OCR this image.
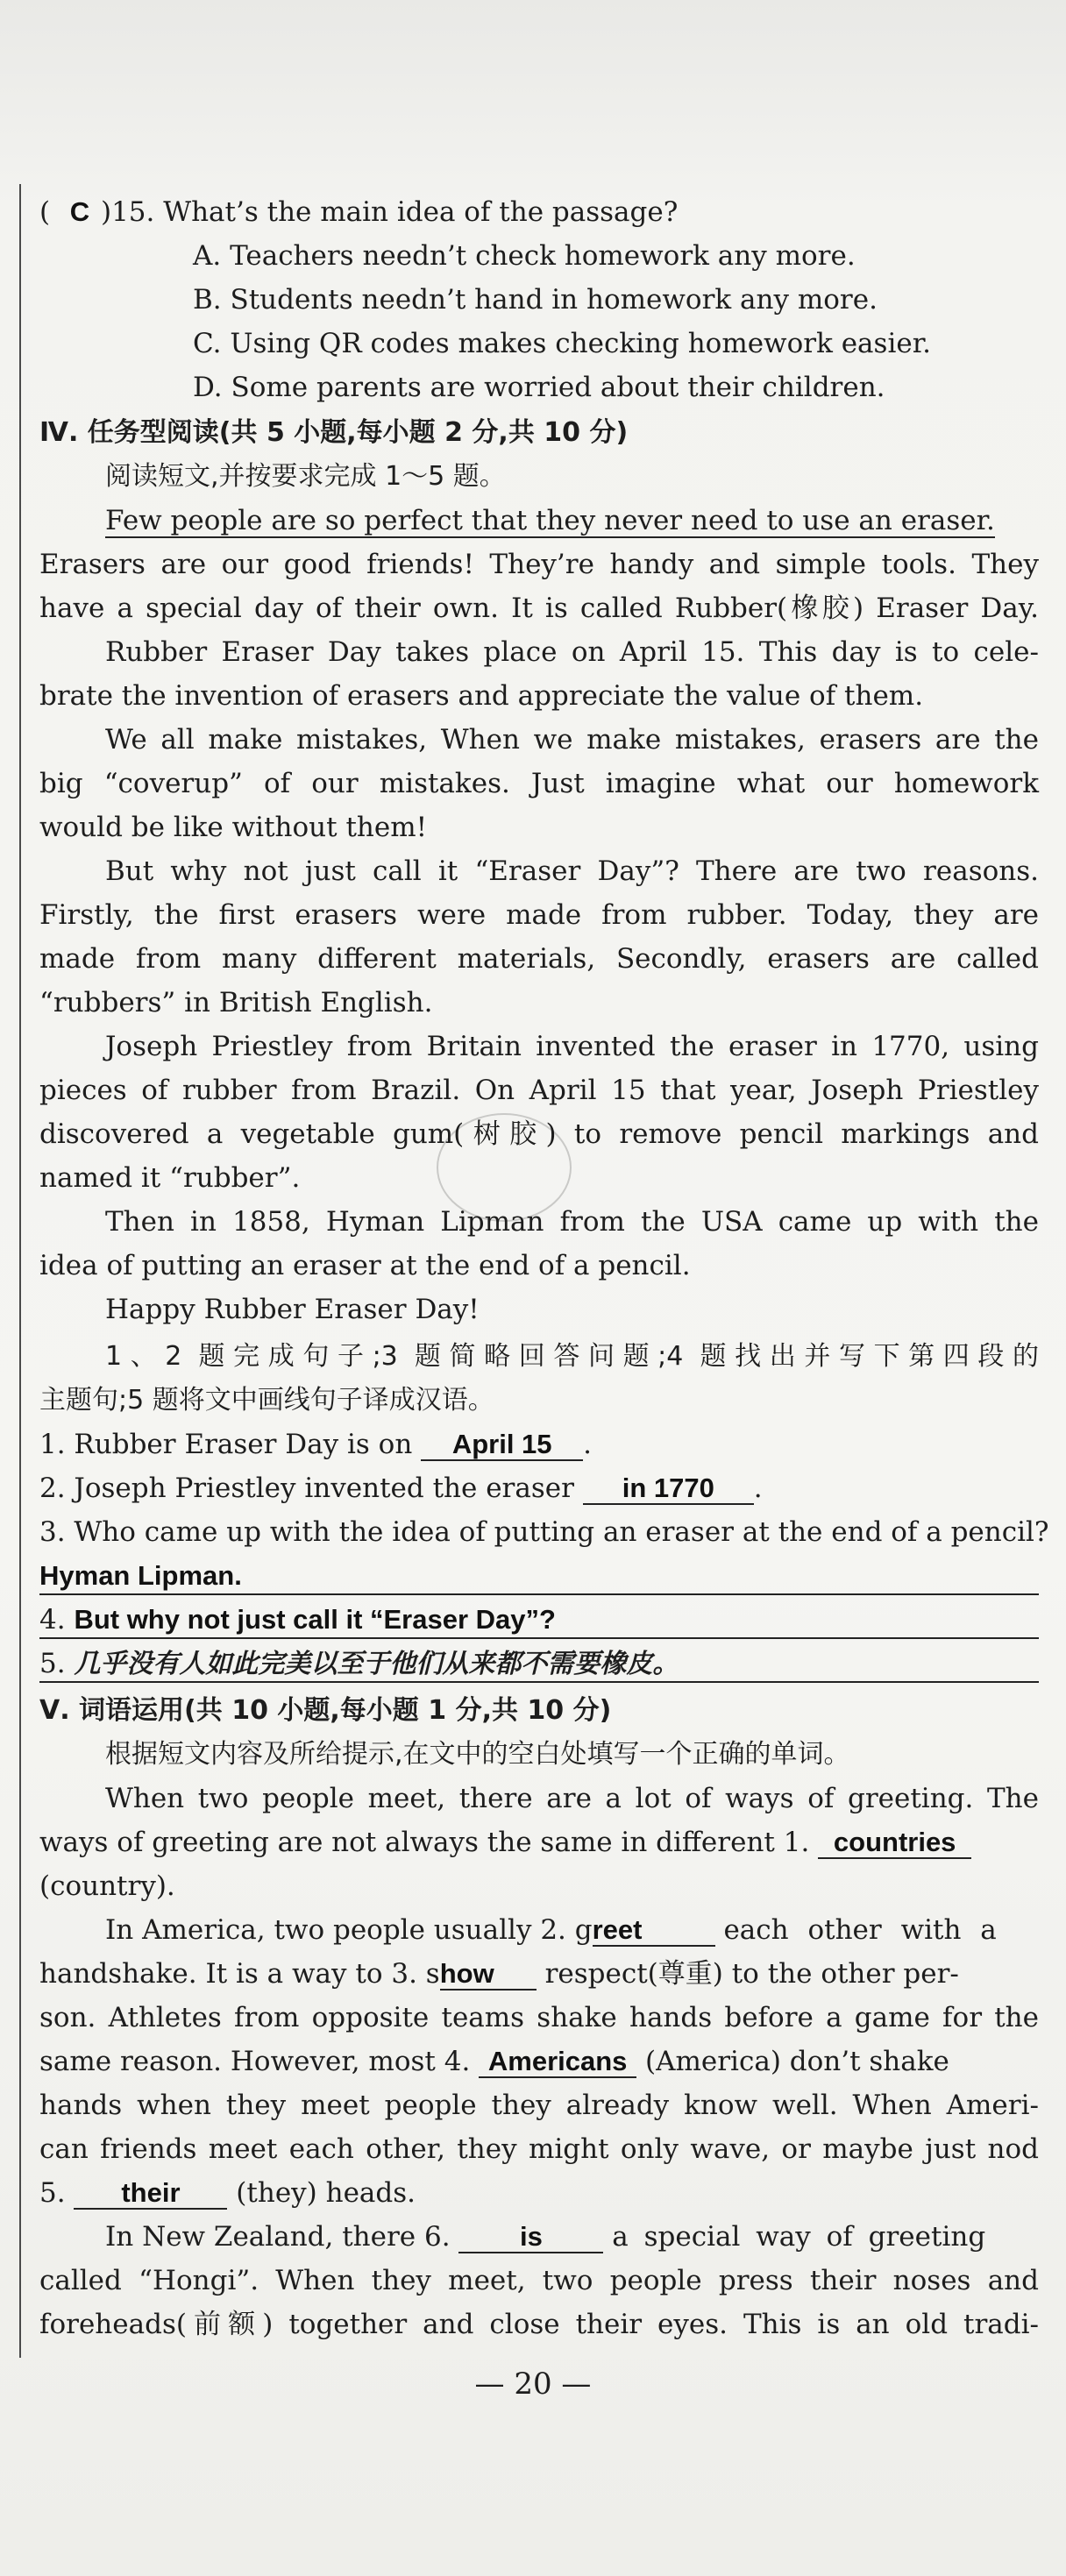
( C )15. What’s the main idea of the passage?
A. Teachers needn’t check homework any more.
B. Students needn’t hand in homework any more.
C. Using QR codes makes checking homework easier.
D. Some parents are worried about their children.
Ⅳ. 任务型阅读(共 5 小题,每小题 2 分,共 10 分)
阅读短文,并按要求完成 1～5 题。
Few people are so perfect that they never need to use an eraser.
Erasers are our good friends! They’re handy and simple tools. They
have a special day of their own. It is called Rubber(橡胶) Eraser Day.
Rubber Eraser Day takes place on April 15. This day is to cele-
brate the invention of erasers and appreciate the value of them.
We all make mistakes, When we make mistakes, erasers are the
big “coverup” of our mistakes. Just imagine what our homework
would be like without them!
But why not just call it “Eraser Day”? There are two reasons.
Firstly, the first erasers were made from rubber. Today, they are
made from many different materials, Secondly, erasers are called
“rubbers” in British English.
Joseph Priestley from Britain invented the eraser in 1770, using
pieces of rubber from Brazil. On April 15 that year, Joseph Priestley
discovered a vegetable gum(树胶) to remove pencil markings and
named it “rubber”.
Then in 1858, Hyman Lipman from the USA came up with the
idea of putting an eraser at the end of a pencil.
Happy Rubber Eraser Day!
1、2 题完成句子;3 题简略回答问题;4 题找出并写下第四段的
主题句;5 题将文中画线句子译成汉语。
1. Rubber Eraser Day is on April 15 .
2. Joseph Priestley invented the eraser in 1770 .
3. Who came up with the idea of putting an eraser at the end of a pencil?
Hyman Lipman.
4. But why not just call it “Eraser Day”?
5. 几乎没有人如此完美以至于他们从来都不需要橡皮。
Ⅴ. 词语运用(共 10 小题,每小题 1 分,共 10 分)
根据短文内容及所给提示,在文中的空白处填写一个正确的单词。
When two people meet, there are a lot of ways of greeting. The
ways of greeting are not always the same in different 1. countries
(country).
In America, two people usually 2. greet	each other with a
handshake. It is a way to 3. show respect(尊重) to the other per-
son. Athletes from opposite teams shake hands before a game for the
same reason. However, most 4. Americans (America) don’t shake
hands when they meet people they already know well. When Ameri-
can friends meet each other, they might only wave, or maybe just nod
5. their (they) heads.
In New Zealand, there 6.	is	a special way of greeting
called “Hongi”. When they meet, two people press their noses and
foreheads(前额) together and close their eyes. This is an old tradi-
— 20 —
